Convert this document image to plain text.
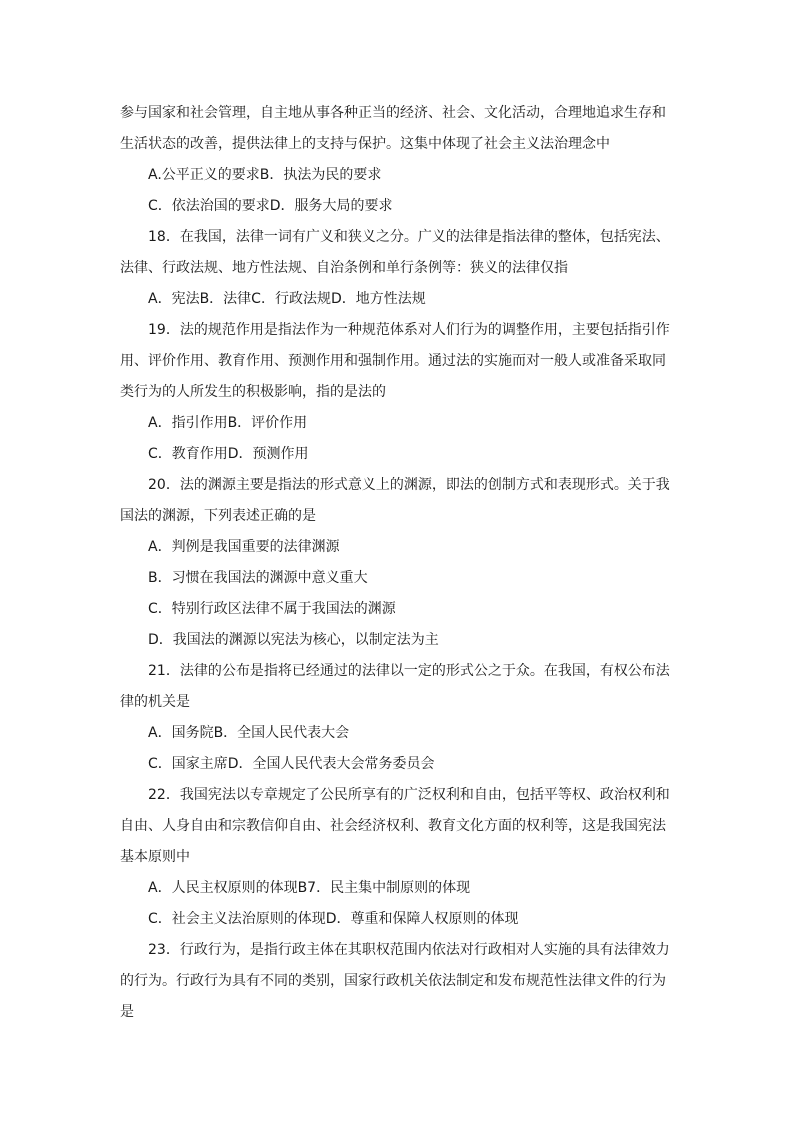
参与国家和社会管理，自主地从事各种正当的经济、社会、文化活动，合理地追求生存和
生活状态的改善，提供法律上的支持与保护。这集中体现了社会主义法治理念中
A.公平正义的要求B．执法为民的要求
C．依法治国的要求D．服务大局的要求
18．在我国，法律一词有广义和狭义之分。广义的法律是指法律的整体，包括宪法、
法律、行政法规、地方性法规、自治条例和单行条例等：狭义的法律仅指
A．宪法B．法律C．行政法规D．地方性法规
19．法的规范作用是指法作为一种规范体系对人们行为的调整作用，主要包括指引作
用、评价作用、教育作用、预测作用和强制作用。通过法的实施而对一般人或准备采取同
类行为的人所发生的积极影响，指的是法的
A．指引作用B．评价作用
C．教育作用D．预测作用
20．法的渊源主要是指法的形式意义上的渊源，即法的创制方式和表现形式。关于我
国法的渊源，下列表述正确的是
A．判例是我国重要的法律渊源
B．习惯在我国法的渊源中意义重大
C．特别行政区法律不属于我国法的渊源
D．我国法的渊源以宪法为核心，以制定法为主
21．法律的公布是指将已经通过的法律以一定的形式公之于众。在我国，有权公布法
律的机关是
A．国务院B．全国人民代表大会
C．国家主席D．全国人民代表大会常务委员会
22．我国宪法以专章规定了公民所享有的广泛权利和自由，包括平等权、政治权利和
自由、人身自由和宗教信仰自由、社会经济权利、教育文化方面的权利等，这是我国宪法
基本原则中
A．人民主权原则的体现B7．民主集中制原则的体现
C．社会主义法治原则的体现D．尊重和保障人权原则的体现
23．行政行为，是指行政主体在其职权范围内依法对行政相对人实施的具有法律效力
的行为。行政行为具有不同的类别，国家行政机关依法制定和发布规范性法律文件的行为
是
